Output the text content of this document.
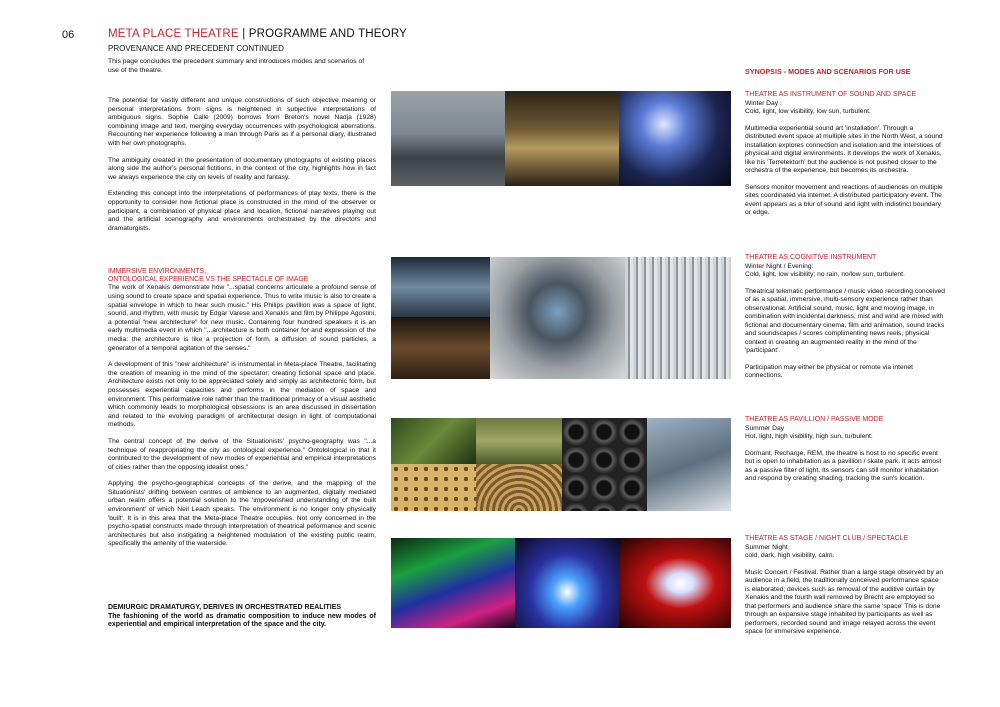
06	META PLACE THEATRE | PROGRAMME AND THEORY
PROVENANCE AND PRECEDENT CONTINUED
This page concludes the precedent summary and introduces modes and scenarios of use of the theatre.

The potential for vastly different and unique constructions of such objective meaning or personal interpretations from signs is heightened in subjective interpretations of ambiguous signs. Sophie Calle (2009) borrows from Breton's novel Nadja (1928) combining image and text, merging everyday occurrences with psychological aberrations. Recounting her experience following a man through Paris as if a personal diary, illustrated with her own photographs.

The ambiguity created in the presentation of documentary photographs of existing places along side the author's personal fictitions, in the context of the city, highlights how in fact we always experience the city on levels of reality and fantasy.

Extending this concept into the interpretations of performances of play texts, there is the opportunity to consider how fictional place is constructed in the mind of the observer or participant, a combination of physical place and location, fictional narratives playing out and the artificial scenography and environments orchestrated by the directors and dramaturgists.

IMMERSIVE ENVIRONMENTS,
ONTOLOGICAL EXPERIENCE VS THE SPECTACLE OF IMAGE

The work of Xenakis demonstrate how "...spatial concerns articulate a profound sense of using sound to create space and spatial experience. Thus to write music is also to create a spatial envelope in which to hear such music." His Philips pavillion was a space of light, sound, and rhythm, with music by Edgar Varese and Xenakis and film by Philippe Agostini, a potential "new architecture" for new music. Containing four hundred speakers it is an early multimedia event in which "...architecture is both container for and expression of the media: the architecture is like a projection of form, a diffusion of sound particles, a generator of a temporal agitation of the senses."

A development of this "new architecture" is instrumental in Meta-place Theatre, facilitating the creation of meaning in the mind of the spectator; creating fictional space and place. Architecture exists not only to be appreciated solely and simply as architectonic form, but possesses experiential capacities and performs in the mediation of space and environment. This performative role rather than the traditional primacy of a visual aesthetic which commonly leads to morphological obsessions is an area discussed in dissertation and related to the evolving paradigm of architectural design in light of computational methods.

The central concept of the derive of the Situationists' psycho-geography was "...a technique of reappropriating the city as ontological experience." Ontolological in that it contributed to the development of new modes of experiential and empirical interpretations of cities rather than the opposing idealist ones."

Applying the psycho-geographical concepts of the derive, and the mapping of the Situationists' drifting between centres of ambience to an augmented, digitally mediated urban realm offers a potential solution to the 'impoverished understanding of the built environment' of which Neil Leach speaks. The environment is no longer only physically 'built'. It is in this area that the Meta-place Theatre occupies. Not only concerned in the psycho-spatial constructs made through interpretation of theatrical peformance and scenic architectures but also instigating a heightened modulation of the existing public realm, specifically the amenity of the waterside.

DEMIURGIC DRAMATURGY, DERIVES IN ORCHESTRATED REALITIES
The fashioning of the world as dramatic composition to induce new modes of experiential and empirical interpretation of the space and the city.
SYNOPSIS - MODES AND SCENARIOS FOR USE
THEATRE AS INSTRUMENT OF SOUND AND SPACE

Winter Day :

Cold, light, low visibility, low sun, turbulent.

Multimedia experiential sound art 'installation'. Through a distributed event space at multiple sites in the North West, a sound installation explores connection and isolation and the interstices of physical and digital environments. It develops the work of Xenakis, like his 'Terretektorh' but the audience is not pushed closer to the orchestra of the experience, but becomes its orchestra.

Sensors monitor movement and reactions of audiences on multiple sites coordinated via internet. A distributed participatory event. The event appears as a blur of sound and light with indistinct boundary or edge.

THEATRE AS COGNITIVE INSTRUMENT

Winter Night / Evening:

Cold, light, low visibility; no rain, no/low sun, turbulent.

Theatrical telematic performance / music video recording conceived of as a spatial, immersive, multi-sensory experience rather than observational. Artificial sound, music, light and moving image, in combination with incidental darkness, mist and wind are mixed with fictional and documentary cinema, film and animation, sound tracks and soundscapes / scores complimenting news reels, physical context in creating an augmented reality in the mind of the 'participant'.

Participation may either be physical or remote via intenet connections.

THEATRE AS PAVILLION / PASSIVE MODE

Summer Day

Hot, light, high visibility, high sun, turbulent.

Dormant, Recharge, REM, the theatre is host to no specific event but is open to inhabitation as a pavillion / skate park. It acts almost as a passive filter of light. Its sensors can still monitor inhabitation and respond by creating shading, tracking the sun's location.

THEATRE AS STAGE / NIGHT CLUB / SPECTACLE

Summer Night

cold, dark, high visibility, calm.

Music Concert / Festival. Rather than a large stage observed by an audience in a field, the traditionally conceived performance space is elaborated; devices such as removal of the auditive curtain by Xenakis and the fourth wall removed by Brecht are employed so that performers and audience share the same 'space' This is done through an expansive stage inhabited by participants as well as performers, recorded sound and image relayed across the event space for immersive experience.
